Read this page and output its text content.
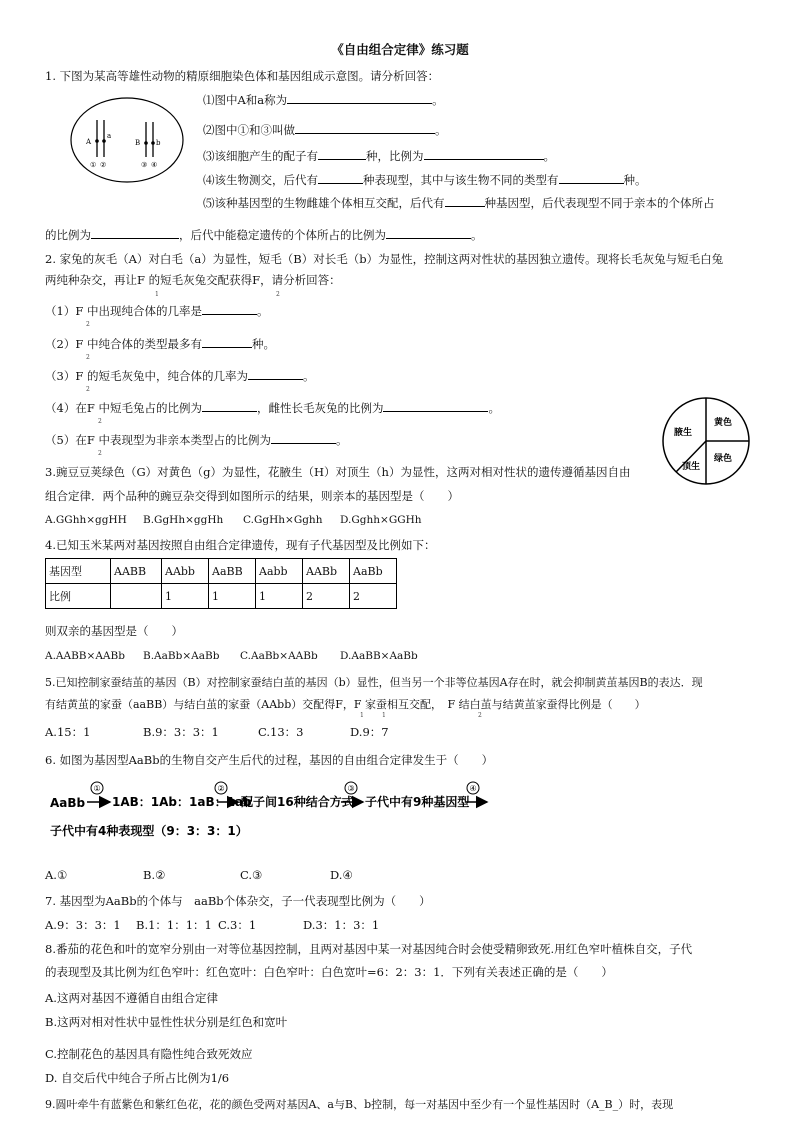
《自由组合定律》练习题
1. 下图为某高等雄性动物的精原细胞染色体和基因组成示意图。请分析回答：
A
a
B b
① ②	③ ④
⑴图中A和a称为	。
⑵图中①和③叫做	。
⑶该细胞产生的配子有	种，比例为	。
⑷该生物测交，后代有	种表现型，其中与该生物不同的类型有	种。
⑸该种基因型的生物雌雄个体相互交配，后代有	种基因型，后代表现型不同于亲本的个体所占
的比例为	，后代中能稳定遗传的个体所占的比例为	。
2. 家兔的灰毛（A）对白毛（a）为显性，短毛（B）对长毛（b）为显性，控制这两对性状的基因独立遗传。现将长毛灰兔与短毛白兔
两纯种杂交，再让F 的短毛灰兔交配获得F，请分析回答：
1	2
（1）F 中出现纯合体的几率是	。
2
（2）F 中纯合体的类型最多有	种。
2
（3）F 的短毛灰兔中，纯合体的几率为	。
2
（4）在F 中短毛兔占的比例为	，雌性长毛灰兔的比例为	。
2
（5）在F 中表现型为非亲本类型占的比例为	。
2
黄色
绿色
顶生
腋生
3.豌豆豆荚绿色（G）对黄色（g）为显性，花腋生（H）对顶生（h）为显性，这两对相对性状的遗传遵循基因自由
组合定律．两个品种的豌豆杂交得到如图所示的结果，则亲本的基因型是（　　）
A.GGhh×ggHH B.GgHh×ggHh C.GgHh×Gghh D.Gghh×GGHh
4.已知玉米某两对基因按照自由组合定律遗传，现有子代基因型及比例如下：
基因型	AABB	AAbb	AaBB	Aabb	AABb	AaBb
比例		1	1	1	2	2
则双亲的基因型是（　　）
A.AABB×AABb B.AaBb×AaBb C.AaBb×AABb D.AaBB×AaBb
5.已知控制家蚕结茧的基因（B）对控制家蚕结白茧的基因（b）显性，但当另一个非等位基因A存在时，就会抑制黄茧基因B的表达．现
有结黄茧的家蚕（aaBB）与结白茧的家蚕（AAbb）交配得F，F 家蚕相互交配，　F 结白茧与结黄茧家蚕得比例是（　　）
1	1	2
A.15：1	B.9：3：3：1	C.13：3	D.9：7
6. 如图为基因型AaBb的生物自交产生后代的过程，基因的自由组合定律发生于（　　）
AaBb
①
1AB：1Ab：1aB：1ab
②
配子间16种结合方式
③
子代中有9种基因型
④
子代中有4种表现型（9：3：3：1）
A.①	B.②	C.③	D.④
7. 基因型为AaBb的个体与　aaBb个体杂交，子一代表现型比例为（　　）
A.9：3：3：1 B.1：1：1：1 C.3：1	D.3：1：3：1
8.番茄的花色和叶的宽窄分别由一对等位基因控制，且两对基因中某一对基因纯合时会使受精卵致死.用红色窄叶植株自交，子代
的表现型及其比例为红色窄叶：红色宽叶：白色窄叶：白色宽叶=6：2：3：1．下列有关表述正确的是（　　）
A.这两对基因不遵循自由组合定律
B.这两对相对性状中显性性状分别是红色和宽叶
C.控制花色的基因具有隐性纯合致死效应
D. 自交后代中纯合子所占比例为1/6
9.圆叶牵牛有蓝紫色和紫红色花，花的颜色受两对基因A、a与B、b控制，每一对基因中至少有一个显性基因时（A_B_）时，表现
